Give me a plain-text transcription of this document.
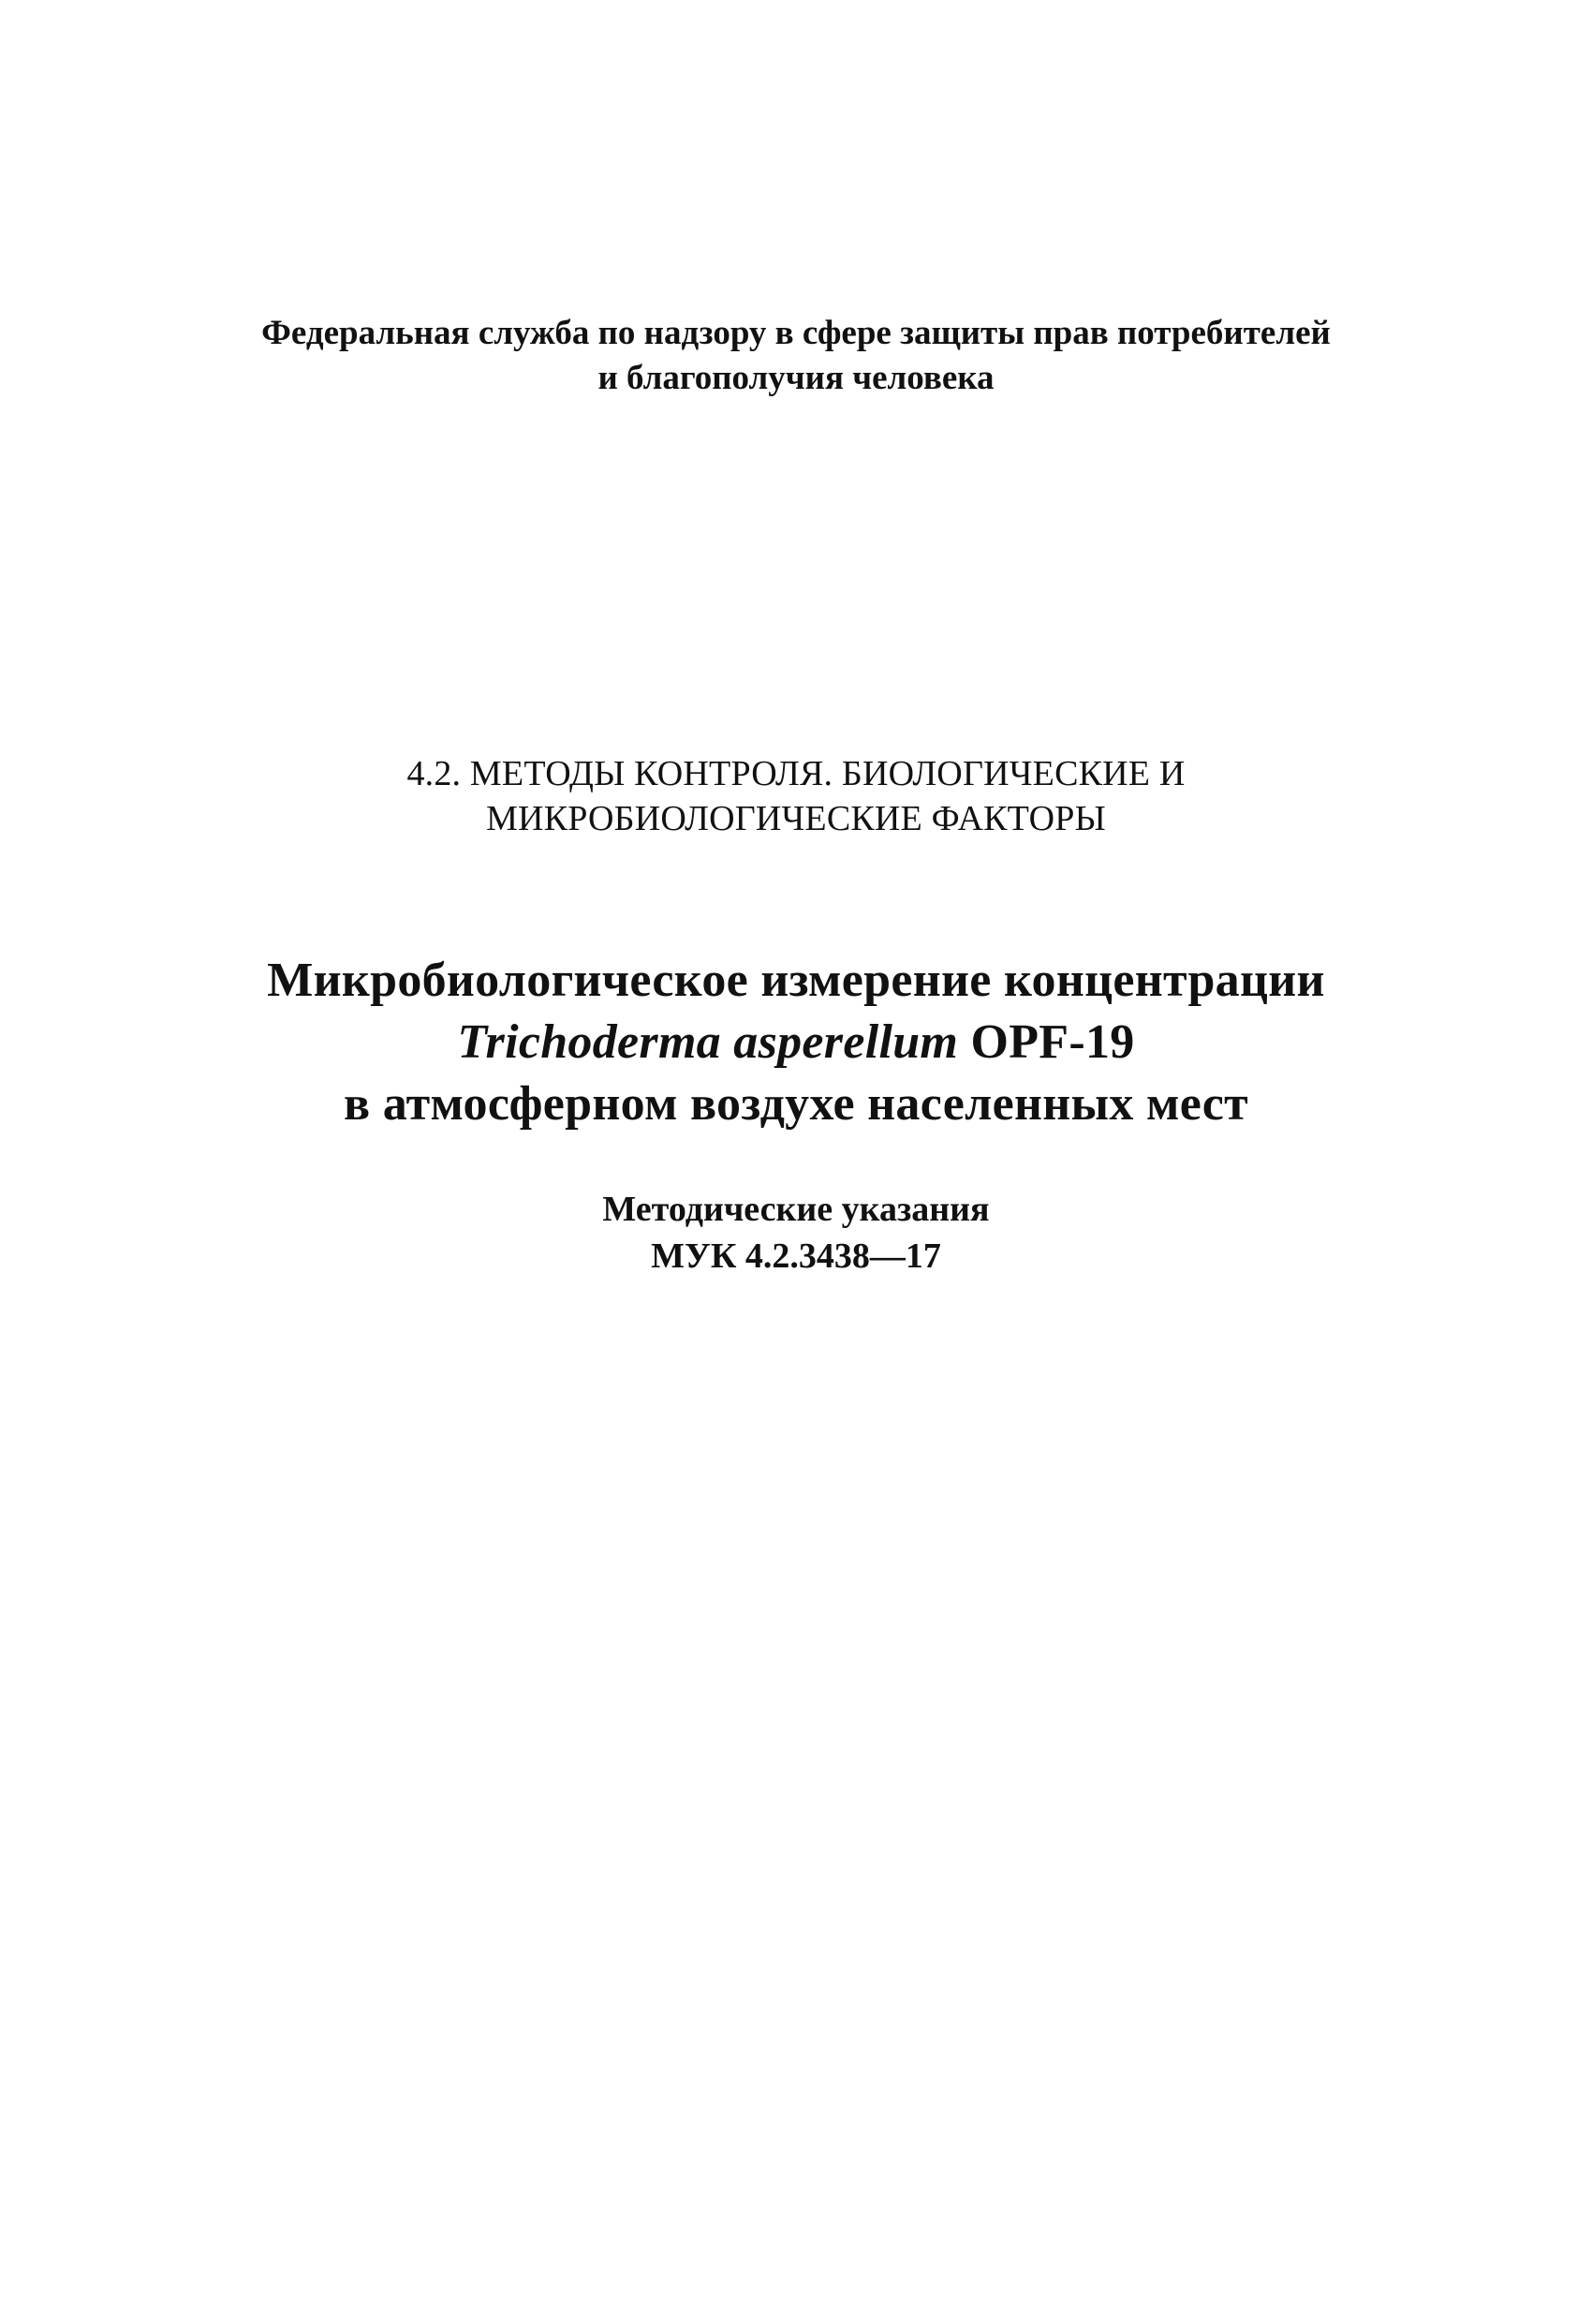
Федеральная служба по надзору в сфере защиты прав потребителей
и благополучия человека
4.2. МЕТОДЫ КОНТРОЛЯ. БИОЛОГИЧЕСКИЕ И
МИКРОБИОЛОГИЧЕСКИЕ ФАКТОРЫ
Микробиологическое измерение концентрации
Trichoderma asperellum OPF-19
в атмосферном воздухе населенных мест
Методические указания
МУК 4.2.3438—17
